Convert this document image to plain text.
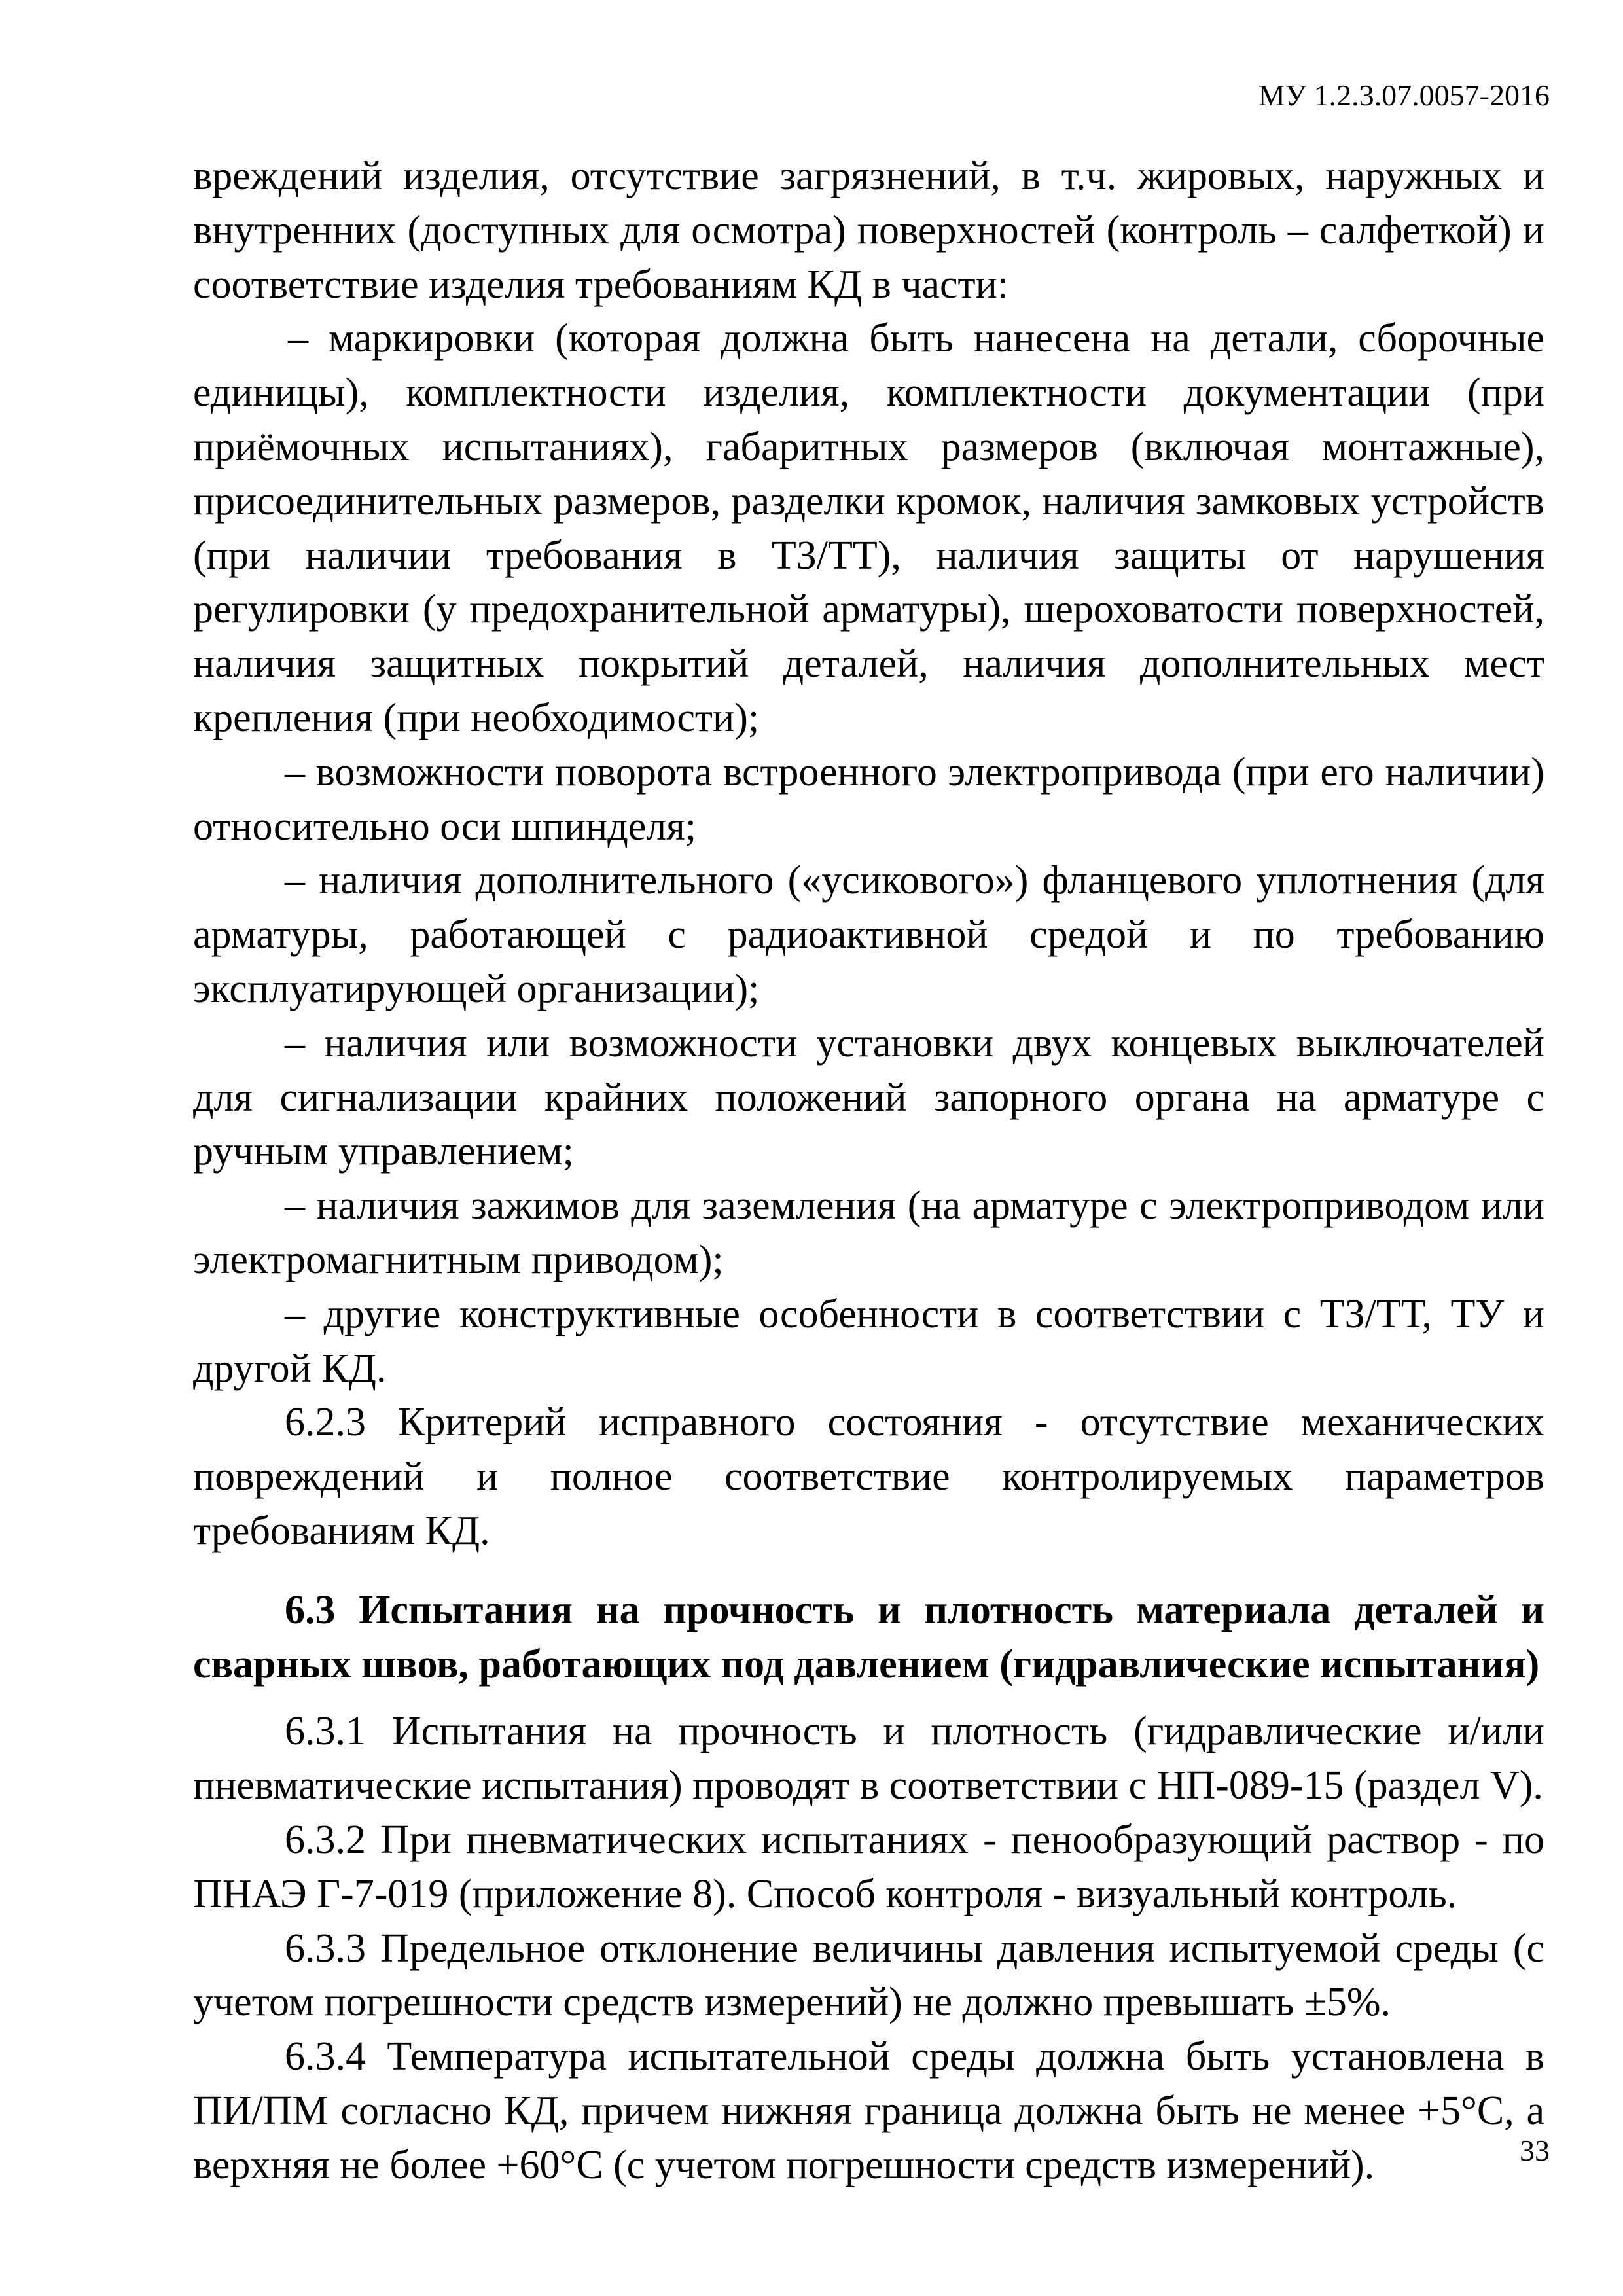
МУ 1.2.3.07.0057-2016

вреждений изделия, отсутствие загрязнений, в т.ч. жировых, наружных и внутренних (доступных для осмотра) поверхностей (контроль – салфеткой) и соответствие изделия требованиям КД в части:

– маркировки (которая должна быть нанесена на детали, сборочные единицы), комплектности изделия, комплектности документации (при приёмочных испытаниях), габаритных размеров (включая монтажные), присоединительных размеров, разделки кромок, наличия замковых устройств (при наличии требования в ТЗ/ТТ), наличия защиты от нарушения регулировки (у предохранительной арматуры), шероховатости поверхностей, наличия защитных покрытий деталей, наличия дополнительных мест крепления (при необходимости);

– возможности поворота встроенного электропривода (при его наличии) относительно оси шпинделя;

– наличия дополнительного («усикового») фланцевого уплотнения (для арматуры, работающей с радиоактивной средой и по требованию эксплуатирующей организации);

– наличия или возможности установки двух концевых выключателей для сигнализации крайних положений запорного органа на арматуре с ручным управлением;

– наличия зажимов для заземления (на арматуре с электроприводом или электромагнитным приводом);

– другие конструктивные особенности в соответствии с ТЗ/ТТ, ТУ и другой КД.

6.2.3 Критерий исправного состояния - отсутствие механических повреждений и полное соответствие контролируемых параметров требованиям КД.

6.3 Испытания на прочность и плотность материала деталей и сварных швов, работающих под давлением (гидравлические испытания)

6.3.1 Испытания на прочность и плотность (гидравлические и/или пневматические испытания) проводят в соответствии с НП-089-15 (раздел V).

6.3.2 При пневматических испытаниях - пенообразующий раствор - по ПНАЭ Г-7-019 (приложение 8). Способ контроля - визуальный контроль.

6.3.3 Предельное отклонение величины давления испытуемой среды (с учетом погрешности средств измерений) не должно превышать ±5%.

6.3.4 Температура испытательной среды должна быть установлена в ПИ/ПМ согласно КД, причем нижняя граница должна быть не менее +5°С, а верхняя не более +60°С (с учетом погрешности средств измерений).	33
